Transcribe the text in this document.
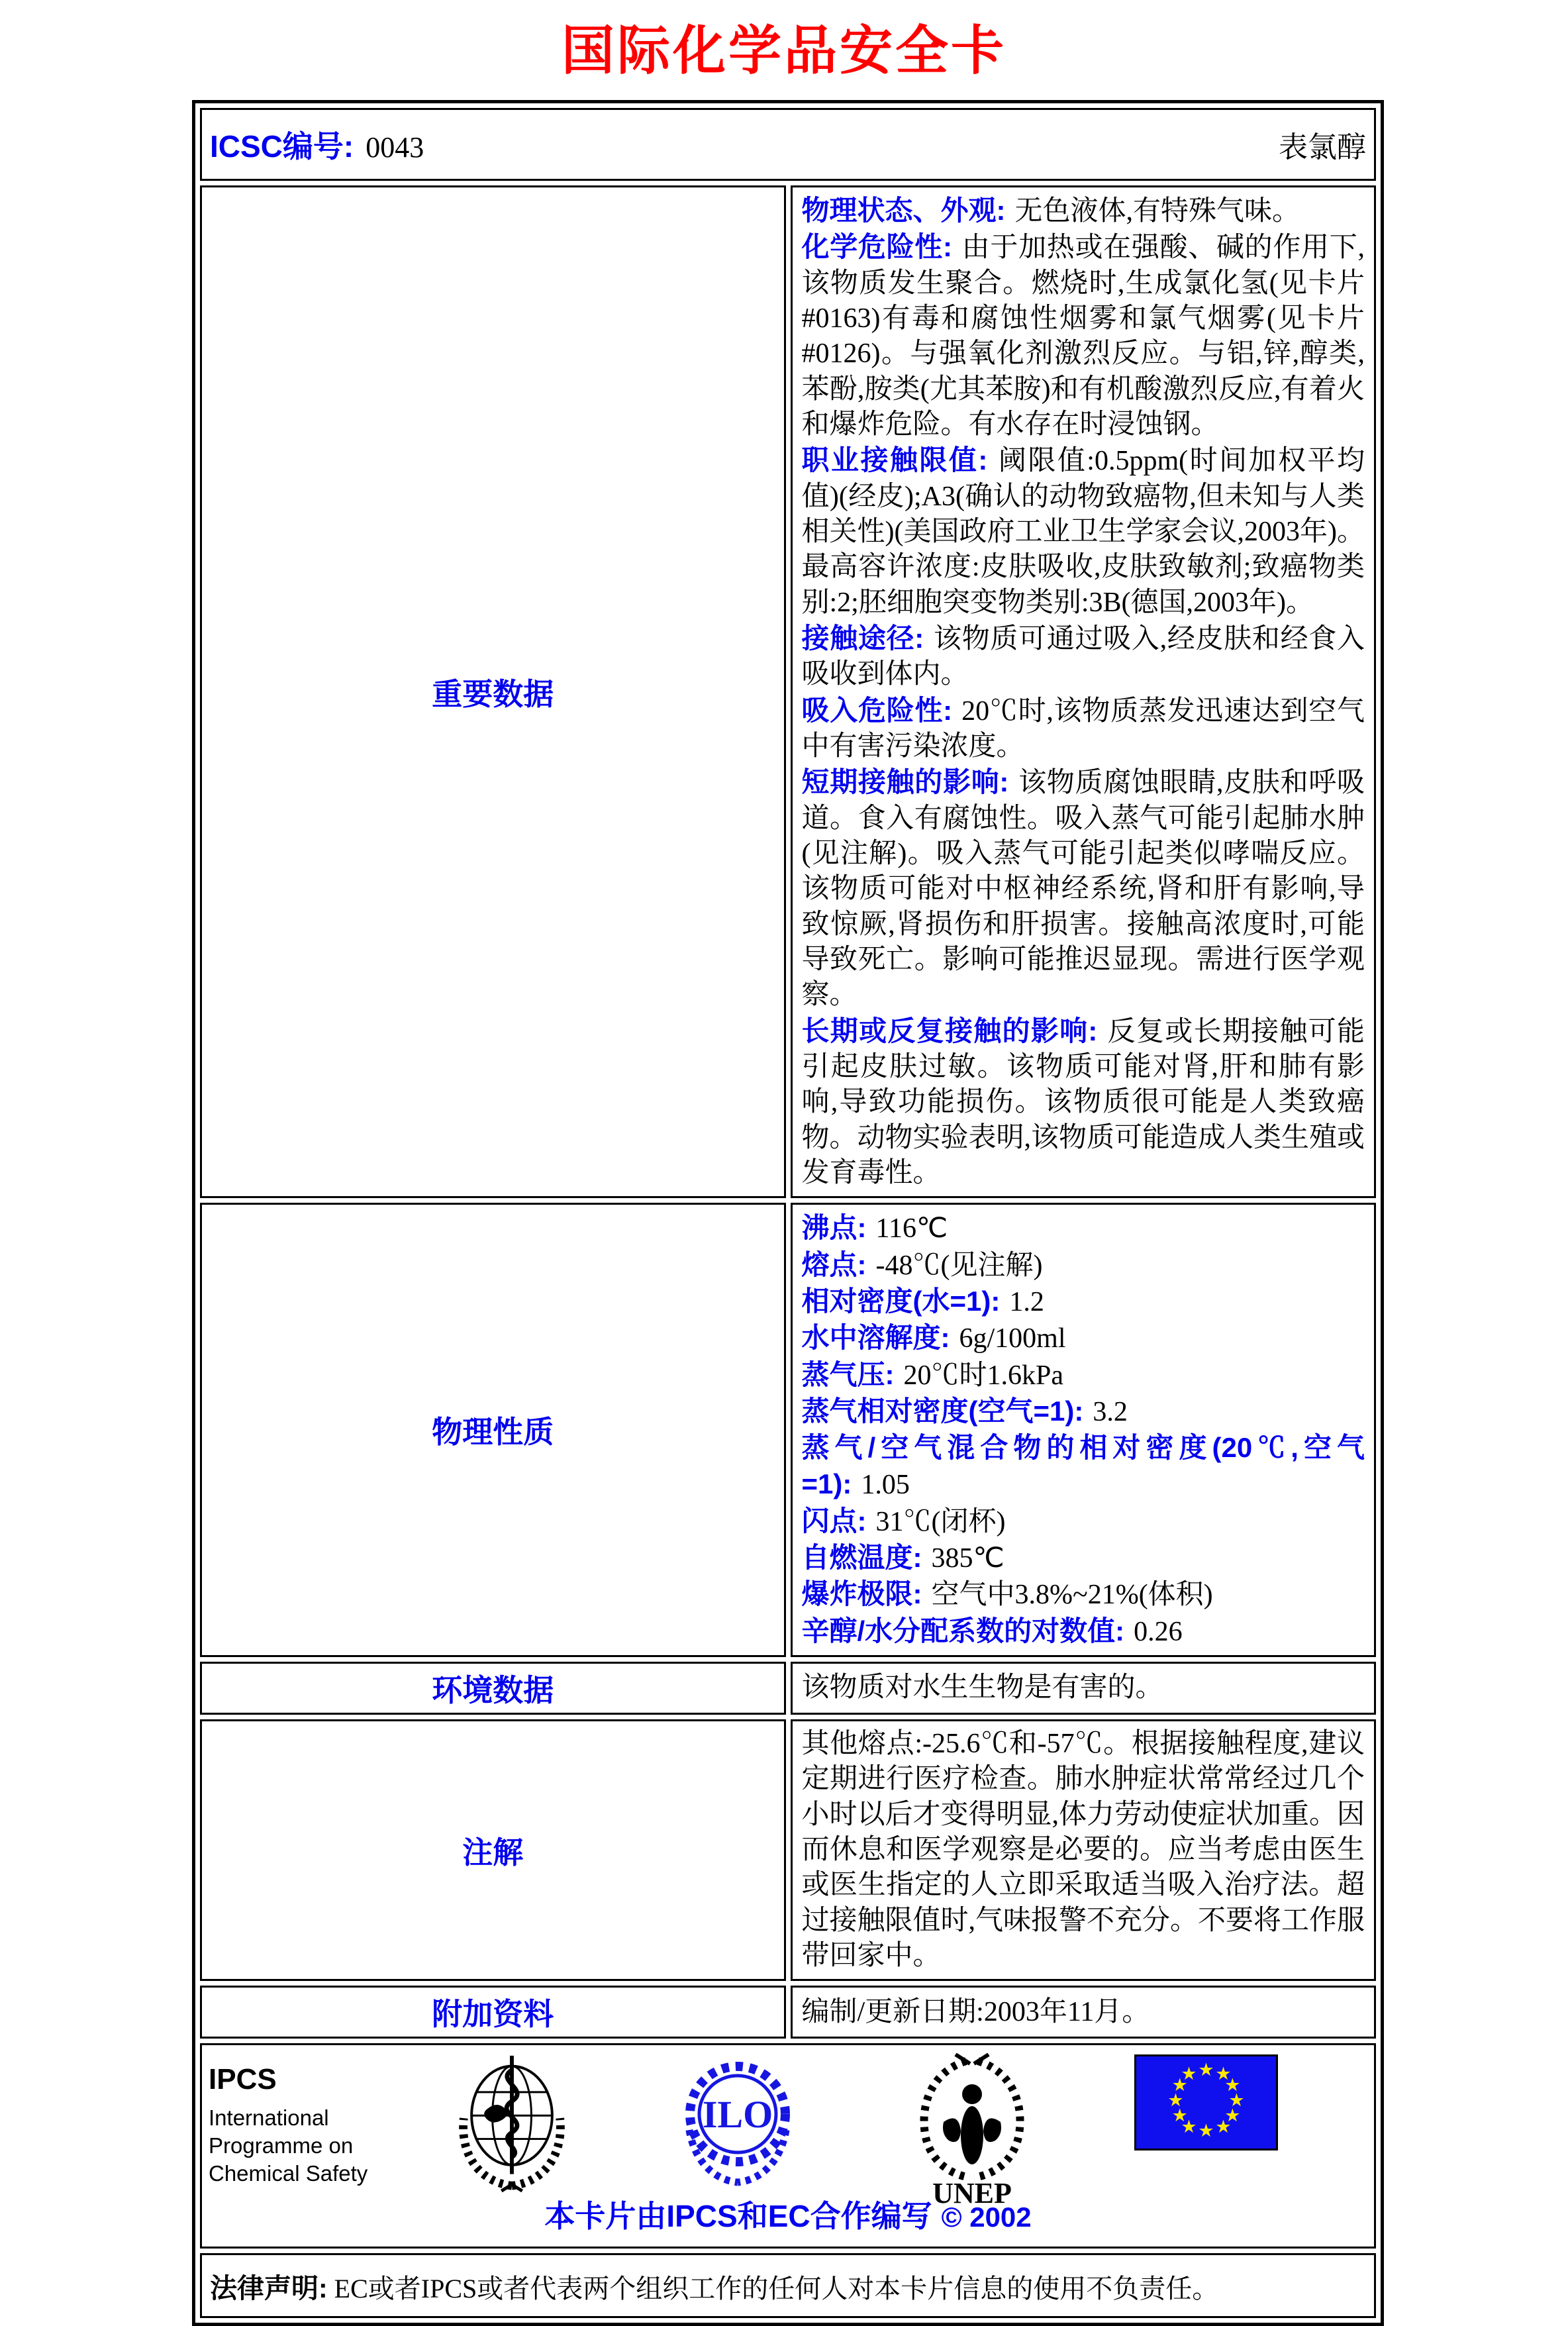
国际化学品安全卡
ICSC编号: 0043 表氯醇	

重要数据	
物理状态、外观: 无色液体,有特殊气味。
化学危险性: 由于加热或在强酸、碱的作用下,该物质发生聚合。燃烧时,生成氯化氢(见卡片#0163)有毒和腐蚀性烟雾和氯气烟雾(见卡片#0126)。与强氧化剂激烈反应。与铝,锌,醇类,苯酚,胺类(尤其苯胺)和有机酸激烈反应,有着火和爆炸危险。有水存在时浸蚀钢。
职业接触限值: 阈限值:0.5ppm(时间加权平均值)(经皮);A3(确认的动物致癌物,但未知与人类相关性)(美国政府工业卫生学家会议,2003年)。最高容许浓度:皮肤吸收,皮肤致敏剂;致癌物类别:2;胚细胞突变物类别:3B(德国,2003年)。
接触途径: 该物质可通过吸入,经皮肤和经食入吸收到体内。
吸入危险性: 20℃时,该物质蒸发迅速达到空气中有害污染浓度。
短期接触的影响: 该物质腐蚀眼睛,皮肤和呼吸道。食入有腐蚀性。吸入蒸气可能引起肺水肿(见注解)。吸入蒸气可能引起类似哮喘反应。该物质可能对中枢神经系统,肾和肝有影响,导致惊厥,肾损伤和肝损害。接触高浓度时,可能导致死亡。影响可能推迟显现。需进行医学观察。
长期或反复接触的影响: 反复或长期接触可能引起皮肤过敏。该物质可能对肾,肝和肺有影响,导致功能损伤。该物质很可能是人类致癌物。动物实验表明,该物质可能造成人类生殖或发育毒性。

物理性质	
沸点: 116℃
熔点: -48℃(见注解)
相对密度(水=1): 1.2
水中溶解度: 6g/100ml
蒸气压: 20℃时1.6kPa
蒸气相对密度(空气=1): 3.2
蒸气/空气混合物的相对密度(20℃,空气=1): 1.05
闪点: 31℃(闭杯)
自燃温度: 385℃
爆炸极限: 空气中3.8%~21%(体积)
辛醇/水分配系数的对数值: 0.26

环境数据	该物质对水生生物是有害的。

注解	其他熔点:-25.6℃和-57℃。根据接触程度,建议定期进行医疗检查。肺水肿症状常常经过几个小时以后才变得明显,体力劳动使症状加重。因而休息和医学观察是必要的。应当考虑由医生或医生指定的人立即采取适当吸入治疗法。超过接触限值时,气味报警不充分。不要将工作服带回家中。

附加资料	编制/更新日期:2003年11月。

IPCS
International
Programme on
Chemical Safety
ILO
UNEP
★ ★
★
★
★
★
★
★
★
★
★
★
本卡片由IPCS和EC合作编写 © 2002

法律声明: EC或者IPCS或者代表两个组织工作的任何人对本卡片信息的使用不负责任。	
